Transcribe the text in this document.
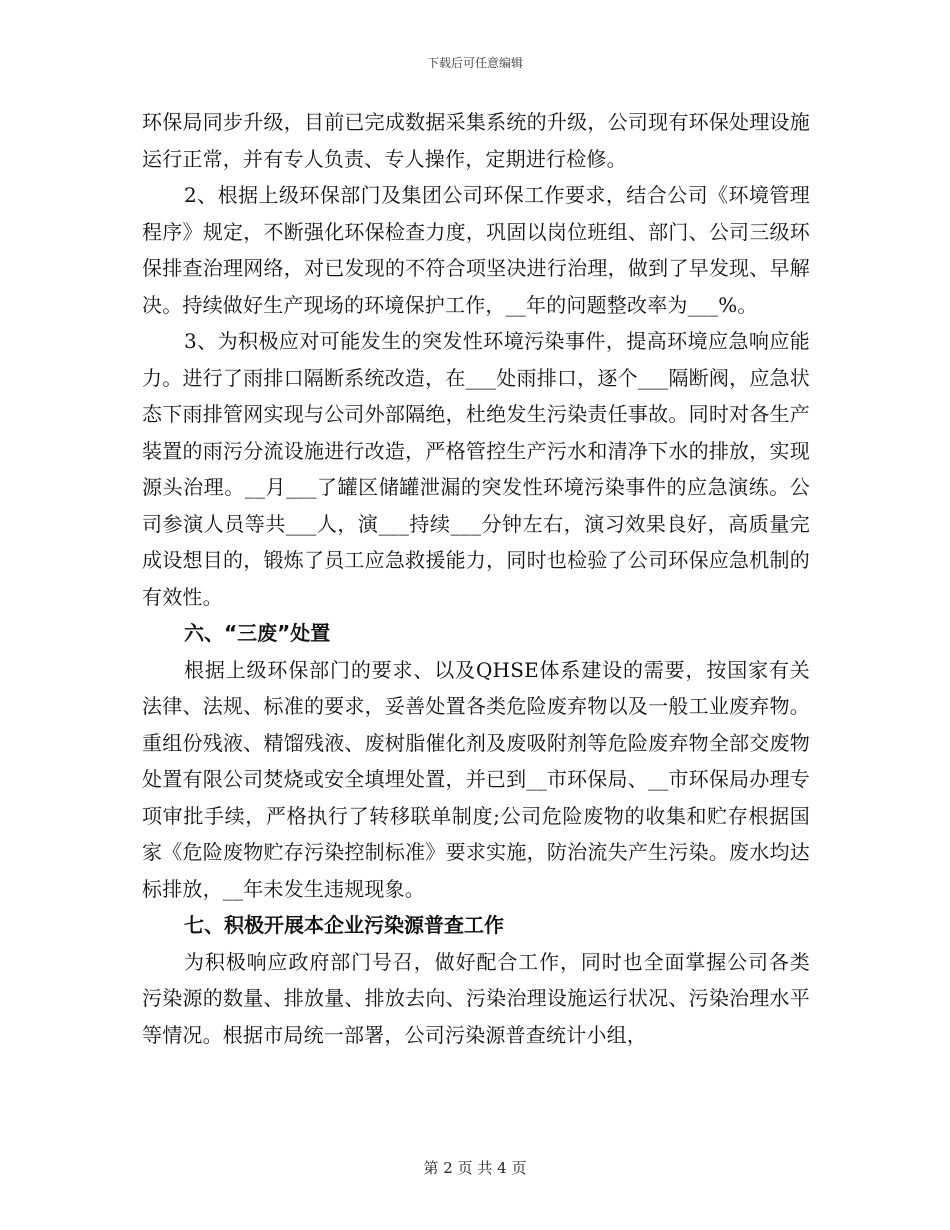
下载后可任意编辑

环保局同步升级，目前已完成数据采集系统的升级，公司现有环保处理设施运行正常，并有专人负责、专人操作，定期进行检修。

2、根据上级环保部门及集团公司环保工作要求，结合公司《环境管理程序》规定，不断强化环保检查力度，巩固以岗位班组、部门、公司三级环保排查治理网络，对已发现的不符合项坚决进行治理，做到了早发现、早解决。持续做好生产现场的环境保护工作，__年的问题整改率为___%。

3、为积极应对可能发生的突发性环境污染事件，提高环境应急响应能力。进行了雨排口隔断系统改造，在___处雨排口，逐个___隔断阀，应急状态下雨排管网实现与公司外部隔绝，杜绝发生污染责任事故。同时对各生产装置的雨污分流设施进行改造，严格管控生产污水和清净下水的排放，实现源头治理。__月___了罐区储罐泄漏的突发性环境污染事件的应急演练。公司参演人员等共___人，演___持续___分钟左右，演习效果良好，高质量完成设想目的，锻炼了员工应急救援能力，同时也检验了公司环保应急机制的有效性。

六、“三废”处置

根据上级环保部门的要求、以及QHSE体系建设的需要，按国家有关法律、法规、标准的要求，妥善处置各类危险废弃物以及一般工业废弃物。重组份残液、精馏残液、废树脂催化剂及废吸附剂等危险废弃物全部交废物处置有限公司焚烧或安全填埋处置，并已到__市环保局、__市环保局办理专项审批手续，严格执行了转移联单制度;公司危险废物的收集和贮存根据国家《危险废物贮存污染控制标准》要求实施，防治流失产生污染。废水均达标排放，__年未发生违规现象。

七、积极开展本企业污染源普查工作

为积极响应政府部门号召，做好配合工作，同时也全面掌握公司各类污染源的数量、排放量、排放去向、污染治理设施运行状况、污染治理水平等情况。根据市局统一部署，公司污染源普查统计小组，

第 2 页 共 4 页
